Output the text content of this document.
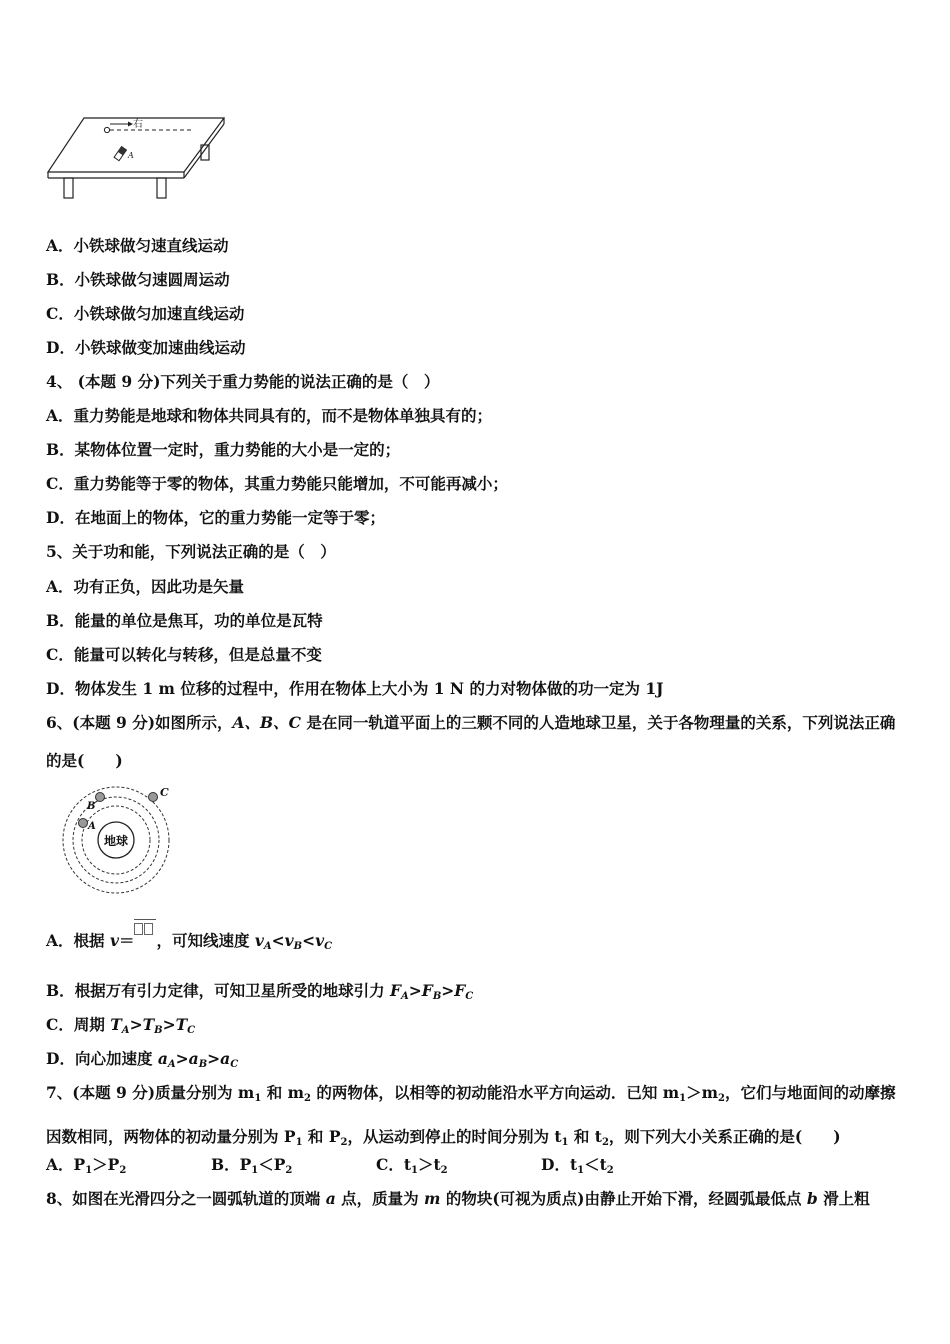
右
A
A．小铁球做匀速直线运动
B．小铁球做匀速圆周运动
C．小铁球做匀加速直线运动
D．小铁球做变加速曲线运动
4、 (本题 9 分)下列关于重力势能的说法正确的是（　）
A．重力势能是地球和物体共同具有的，而不是物体单独具有的；
B．某物体位置一定时，重力势能的大小是一定的；
C．重力势能等于零的物体，其重力势能只能增加，不可能再减小；
D．在地面上的物体，它的重力势能一定等于零；
5、关于功和能，下列说法正确的是（　）
A．功有正负，因此功是矢量
B．能量的单位是焦耳，功的单位是瓦特
C．能量可以转化与转移，但是总量不变
D．物体发生 1 m 位移的过程中，作用在物体上大小为 1 N 的力对物体做的功一定为 1J
6、(本题 9 分)如图所示，A、B、C 是在同一轨道平面上的三颗不同的人造地球卫星，关于各物理量的关系，下列说法正确的是(　　)
地球
A
B
C
A．根据 v＝ ，可知线速度 $v_A<v_B<v_C$
B．根据万有引力定律，可知卫星所受的地球引力 $F_A>F_B>F_C$
C．周期 $T_A>T_B>T_C$
D．向心加速度 $a_A>a_B>a_C$
7、(本题 9 分)质量分别为 $m_1$ 和 $m_2$ 的两物体，以相等的初动能沿水平方向运动．已知 $m_1>m_2$，它们与地面间的动摩擦因数相同，两物体的初动量分别为 $P_1$ 和 $P_2$，从运动到停止的时间分别为 $t_1$ 和 $t_2$，则下列大小关系正确的是(　　)
A．$P_1>P_2$	B．$P_1<P_2$	C．$t_1>t_2$	D．$t_1<t_2$
8、如图在光滑四分之一圆弧轨道的顶端 a 点，质量为 m 的物块(可视为质点)由静止开始下滑，经圆弧最低点 b 滑上粗
